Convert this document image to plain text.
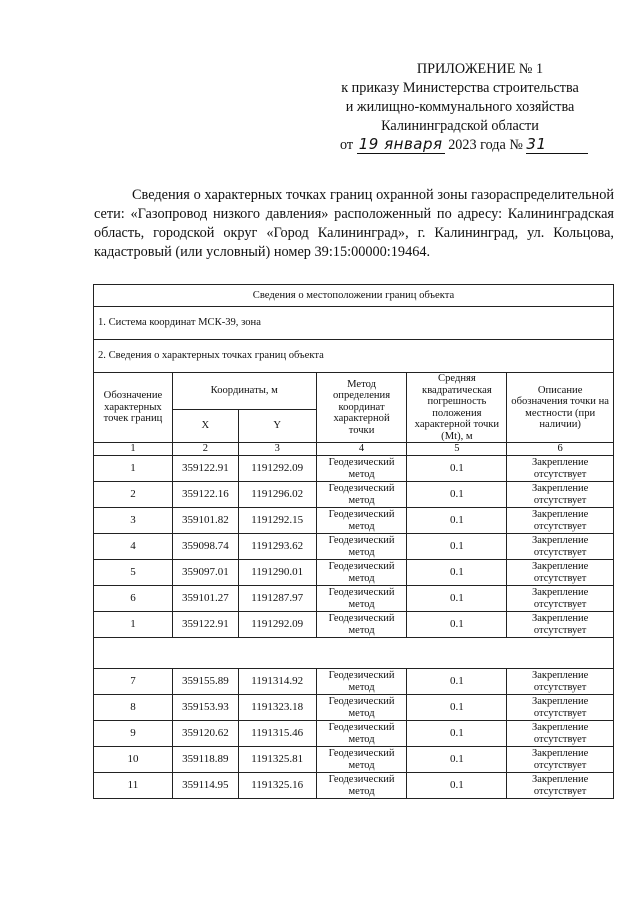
ПРИЛОЖЕНИЕ № 1
к приказу Министерства строительства
и жилищно-коммунального хозяйства
Калининградской области
от 19 января 2023 года № 31
Сведения о характерных точках границ охранной зоны газораспределительной сети: «Газопровод низкого давления» расположенный по адресу: Калининградская область, городской округ «Город Калининград», г. Калининград, ул. Кольцова, кадастровый (или условный) номер 39:15:00000:19464.
Сведения о местоположении границ объекта					
1. Система координат МСК-39, зона					
2. Сведения о характерных точках границ объекта					
Обозначение характерных точек границ	Координаты, м		Метод определения координат характерной точки	Средняя квадратическая погрешность положения характерной точки (Mt), м	Описание обозначения точки на местности (при наличии)
	X	Y			
1	2	3	4	5	6
1	359122.91	1191292.09	Геодезический метод	0.1	Закрепление отсутствует
2	359122.16	1191296.02	Геодезический метод	0.1	Закрепление отсутствует
3	359101.82	1191292.15	Геодезический метод	0.1	Закрепление отсутствует
4	359098.74	1191293.62	Геодезический метод	0.1	Закрепление отсутствует
5	359097.01	1191290.01	Геодезический метод	0.1	Закрепление отсутствует
6	359101.27	1191287.97	Геодезический метод	0.1	Закрепление отсутствует
1	359122.91	1191292.09	Геодезический метод	0.1	Закрепление отсутствует

7	359155.89	1191314.92	Геодезический метод	0.1	Закрепление отсутствует
8	359153.93	1191323.18	Геодезический метод	0.1	Закрепление отсутствует
9	359120.62	1191315.46	Геодезический метод	0.1	Закрепление отсутствует
10	359118.89	1191325.81	Геодезический метод	0.1	Закрепление отсутствует
11	359114.95	1191325.16	Геодезический метод	0.1	Закрепление отсутствует
